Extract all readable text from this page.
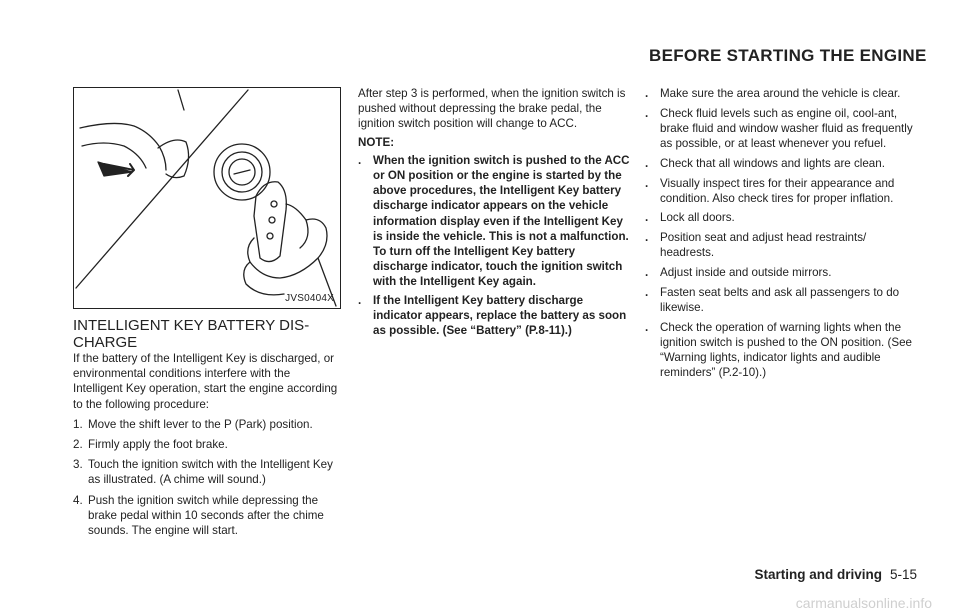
BEFORE STARTING THE ENGINE
JVS0404X
INTELLIGENT KEY BATTERY DIS-
CHARGE

If the battery of the Intelligent Key is discharged, or environmental conditions interfere with the Intelligent Key operation, start the engine according to the following procedure:

1. Move the shift lever to the P (Park) position.
2. Firmly apply the foot brake.
3. Touch the ignition switch with the Intelligent Key as illustrated. (A chime will sound.)
4. Push the ignition switch while depressing the brake pedal within 10 seconds after the chime sounds. The engine will start.

After step 3 is performed, when the ignition switch is pushed without depressing the brake pedal, the ignition switch position will change to ACC.

NOTE:

.	When the ignition switch is pushed to the ACC or ON position or the engine is started by the above procedures, the Intelligent Key battery discharge indicator appears on the vehicle information display even if the Intelligent Key is inside the vehicle. This is not a malfunction. To turn off the Intelligent Key battery discharge indicator, touch the ignition switch with the Intelligent Key again.
.	If the Intelligent Key battery discharge indicator appears, replace the battery as soon as possible. (See “Battery” (P.8-11).)
.	Make sure the area around the vehicle is clear.
.	Check fluid levels such as engine oil, cool-ant, brake fluid and window washer fluid as frequently as possible, or at least whenever you refuel.
.	Check that all windows and lights are clean.
.	Visually inspect tires for their appearance and condition. Also check tires for proper inflation.
.	Lock all doors.
.	Position seat and adjust head restraints/ headrests.
.	Adjust inside and outside mirrors.
.	Fasten seat belts and ask all passengers to do likewise.
.	Check the operation of warning lights when the ignition switch is pushed to the ON position. (See “Warning lights, indicator lights and audible reminders” (P.2-10).)
Starting and driving 5-15
carmanualsonline.info
